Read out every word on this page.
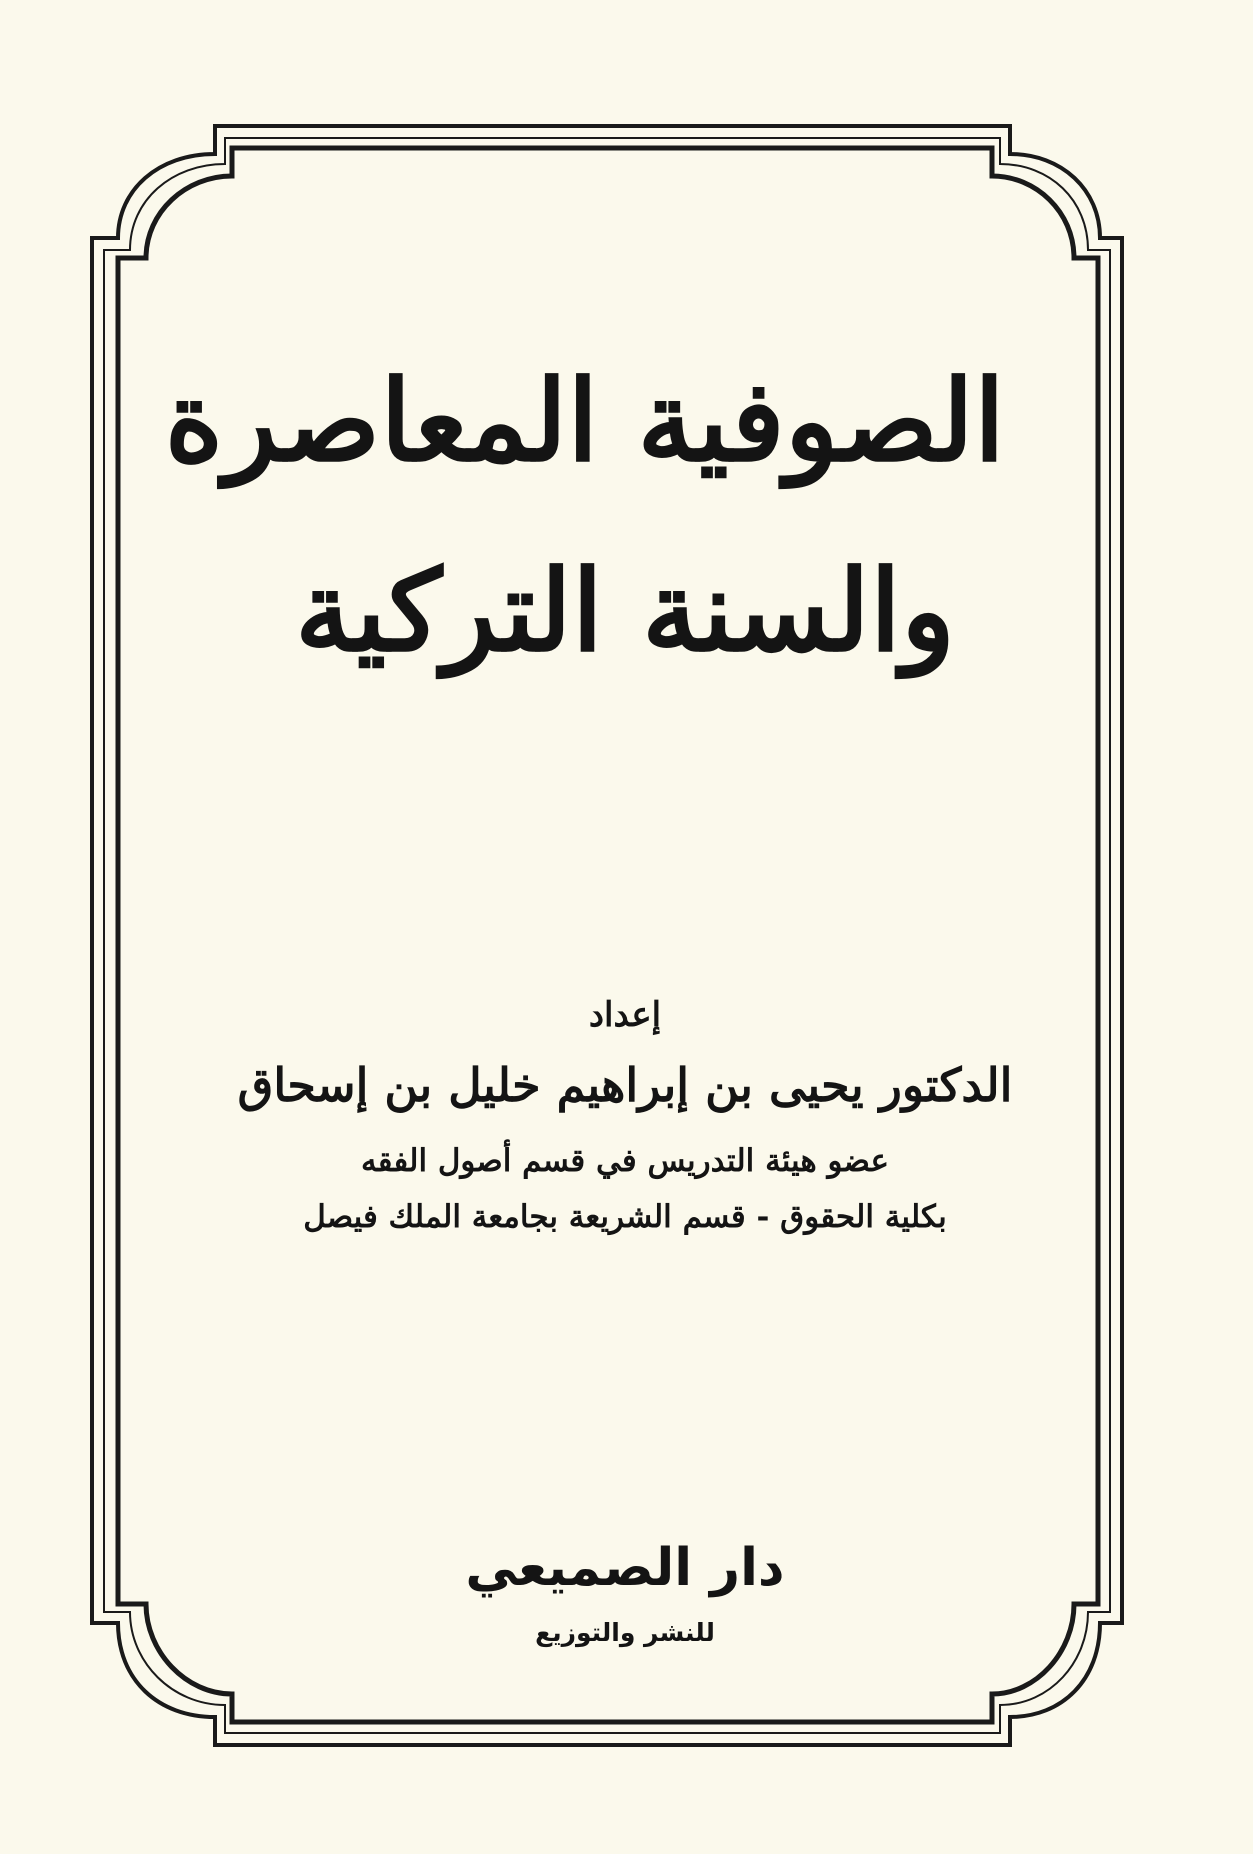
الصوفية المعاصرة
والسنة التركية
إعداد
الدكتور يحيى بن إبراهيم خليل بن إسحاق
عضو هيئة التدريس في قسم أصول الفقه
بكلية الحقوق - قسم الشريعة بجامعة الملك فيصل
دار الصميعي
للنشر والتوزيع
